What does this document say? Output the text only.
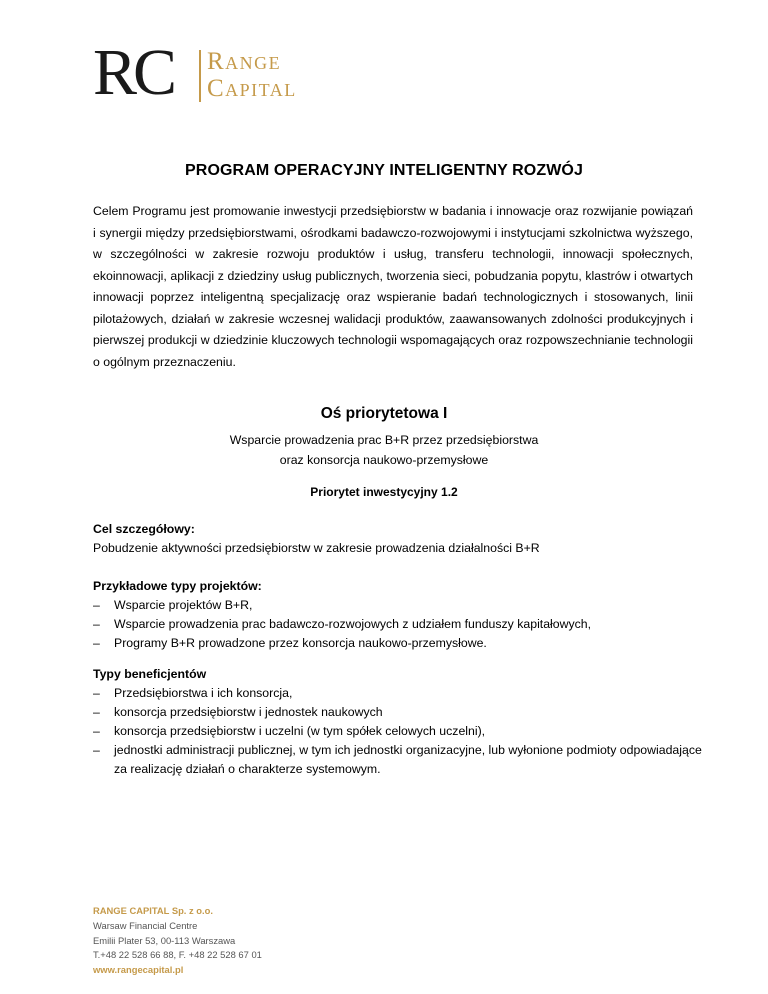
RC Range
Capital
PROGRAM OPERACYJNY INTELIGENTNY ROZWÓJ
Celem Programu jest promowanie inwestycji przedsiębiorstw w badania i innowacje oraz rozwijanie powiązań i synergii między przedsiębiorstwami, ośrodkami badawczo-rozwojowymi i instytucjami szkolnictwa wyższego, w szczególności w zakresie rozwoju produktów i usług, transferu technologii, innowacji społecznych, ekoinnowacji, aplikacji z dziedziny usług publicznych, tworzenia sieci, pobudzania popytu, klastrów i otwartych innowacji poprzez inteligentną specjalizację oraz wspieranie badań technologicznych i stosowanych, linii pilotażowych, działań w zakresie wczesnej walidacji produktów, zaawansowanych zdolności produkcyjnych i pierwszej produkcji w dziedzinie kluczowych technologii wspomagających oraz rozpowszechnianie technologii o ogólnym przeznaczeniu.
Oś priorytetowa I
Wsparcie prowadzenia prac B+R przez przedsiębiorstwa
oraz konsorcja naukowo-przemysłowe
Priorytet inwestycyjny 1.2
Cel szczegółowy:
Pobudzenie aktywności przedsiębiorstw w zakresie prowadzenia działalności B+R
Przykładowe typy projektów:
– Wsparcie projektów B+R,
– Wsparcie prowadzenia prac badawczo-rozwojowych z udziałem funduszy kapitałowych,
– Programy B+R prowadzone przez konsorcja naukowo-przemysłowe.
Typy beneficjentów
– Przedsiębiorstwa i ich konsorcja,
– konsorcja przedsiębiorstw i jednostek naukowych
– konsorcja przedsiębiorstw i uczelni (w tym spółek celowych uczelni),
– jednostki administracji publicznej, w tym ich jednostki organizacyjne, lub wyłonione podmioty odpowiadające za realizację działań o charakterze systemowym.
RANGE CAPITAL Sp. z o.o.
Warsaw Financial Centre
Emilii Plater 53, 00-113 Warszawa
T.+48 22 528 66 88, F. +48 22 528 67 01
www.rangecapital.pl
